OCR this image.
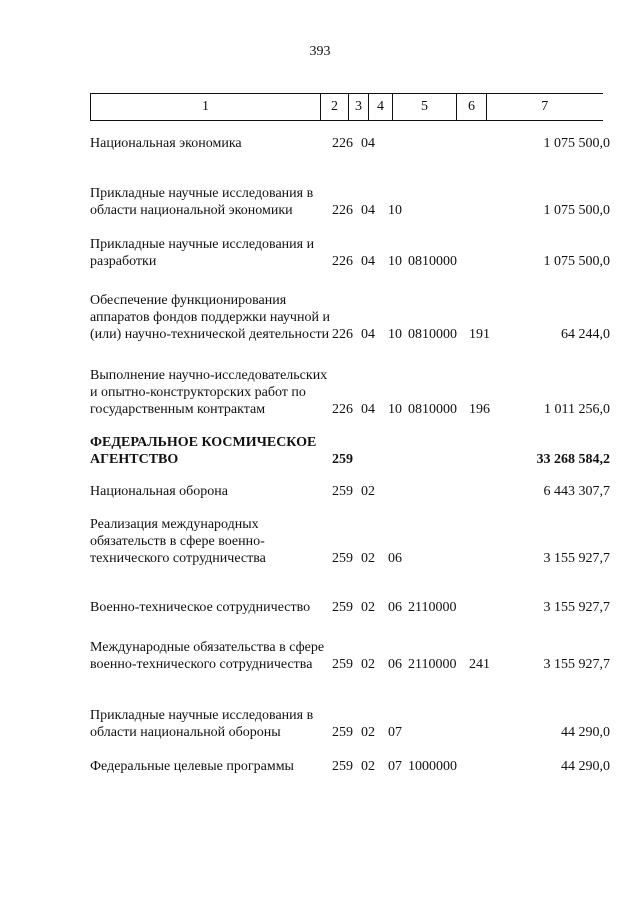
393
1	2	3	4	5	6	7
Национальная экономика	226 04	1 075 500,0
Прикладные научные исследования в области национальной экономики	226 04 10	1 075 500,0
Прикладные научные исследования и разработки	226 04 10 0810000	1 075 500,0
Обеспечение функционирования аппаратов фондов поддержки научной и (или) научно-технической деятельности 226 04 10 0810000 191	64 244,0
Выполнение научно-исследовательских и опытно-конструкторских работ по государственным контрактам	226 04 10 0810000 196	1 011 256,0
ФЕДЕРАЛЬНОЕ КОСМИЧЕСКОЕ АГЕНТСТВО	259	33 268 584,2
Национальная оборона	259 02	6 443 307,7
Реализация международных обязательств в сфере военно-технического сотрудничества	259 02 06	3 155 927,7
Военно-техническое сотрудничество	259 02 06 2110000	3 155 927,7
Международные обязательства в сфере военно-технического сотрудничества	259 02 06 2110000 241	3 155 927,7
Прикладные научные исследования в области национальной обороны	259 02 07	44 290,0
Федеральные целевые программы	259 02 07 1000000	44 290,0
